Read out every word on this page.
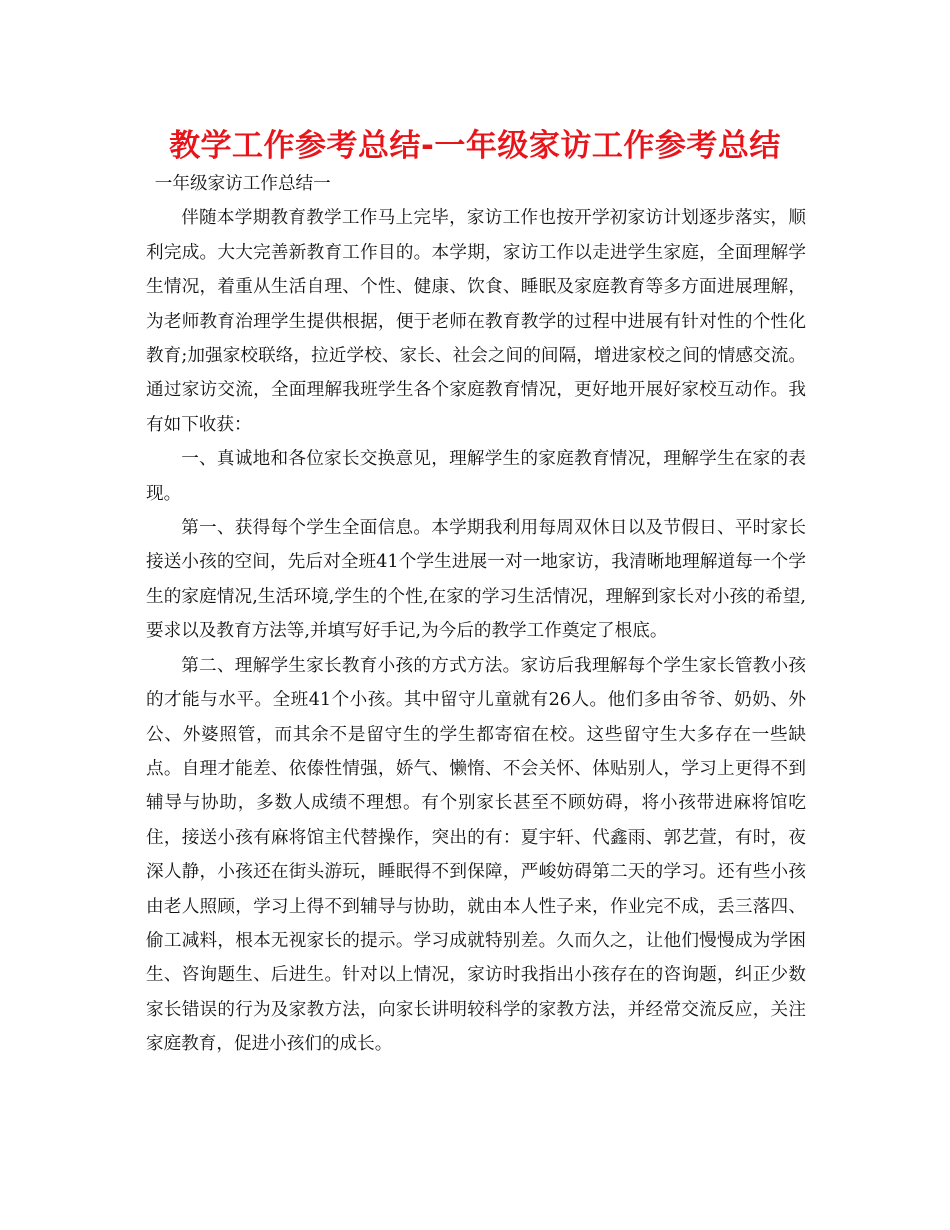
教学工作参考总结-一年级家访工作参考总结

一年级家访工作总结一

伴随本学期教育教学工作马上完毕，家访工作也按开学初家访计划逐步落实，顺利完成。大大完善新教育工作目的。本学期，家访工作以走进学生家庭，全面理解学生情况，着重从生活自理、个性、健康、饮食、睡眠及家庭教育等多方面进展理解，为老师教育治理学生提供根据，便于老师在教育教学的过程中进展有针对性的个性化教育;加强家校联络，拉近学校、家长、社会之间的间隔，增进家校之间的情感交流。通过家访交流，全面理解我班学生各个家庭教育情况，更好地开展好家校互动作。我有如下收获：

一、真诚地和各位家长交换意见，理解学生的家庭教育情况，理解学生在家的表现。

第一、获得每个学生全面信息。本学期我利用每周双休日以及节假日、平时家长接送小孩的空间，先后对全班41个学生进展一对一地家访，我清晰地理解道每一个学生的家庭情况,生活环境,学生的个性,在家的学习生活情况，理解到家长对小孩的希望,要求以及教育方法等,并填写好手记,为今后的教学工作奠定了根底。

第二、理解学生家长教育小孩的方式方法。家访后我理解每个学生家长管教小孩的才能与水平。全班41个小孩。其中留守儿童就有26人。他们多由爷爷、奶奶、外公、外婆照管，而其余不是留守生的学生都寄宿在校。这些留守生大多存在一些缺点。自理才能差、依傣性情强，娇气、懒惰、不会关怀、体贴别人，学习上更得不到辅导与协助，多数人成绩不理想。有个别家长甚至不顾妨碍，将小孩带进麻将馆吃住，接送小孩有麻将馆主代替操作，突出的有：夏宇轩、代鑫雨、郭艺萱，有时，夜深人静，小孩还在街头游玩，睡眠得不到保障，严峻妨碍第二天的学习。还有些小孩由老人照顾，学习上得不到辅导与协助，就由本人性子来，作业完不成，丢三落四、偷工减料，根本无视家长的提示。学习成就特别差。久而久之，让他们慢慢成为学困生、咨询题生、后进生。针对以上情况，家访时我指出小孩存在的咨询题，纠正少数家长错误的行为及家教方法，向家长讲明较科学的家教方法，并经常交流反应，关注家庭教育，促进小孩们的成长。
